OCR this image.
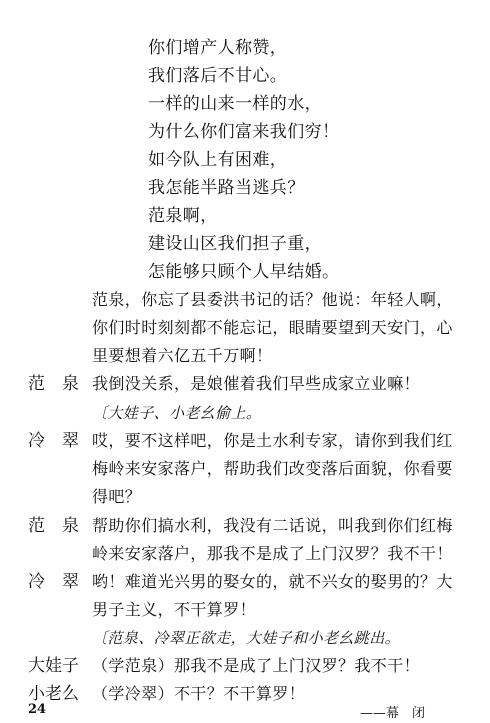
你们增产人称赞，
我们落后不甘心。
一样的山来一样的水，
为什么你们富来我们穷！
如今队上有困难，
我怎能半路当逃兵？
范泉啊，
建设山区我们担子重，
怎能够只顾个人早结婚。
范泉，你忘了县委洪书记的话？他说：年轻人啊，
你们时时刻刻都不能忘记，眼睛要望到天安门，心
里要想着六亿五千万啊！
范　泉 我倒没关系，是娘催着我们早些成家立业嘛！
〔大娃子、小老幺偷上。
冷　翠 哎，要不这样吧，你是土水利专家，请你到我们红
梅岭来安家落户，帮助我们改变落后面貌，你看要
得吧？
范　泉 帮助你们搞水利，我没有二话说，叫我到你们红梅
岭来安家落户，那我不是成了上门汉罗？我不干！
冷　翠 哟！难道光兴男的娶女的，就不兴女的娶男的？大
男子主义，不干算罗！
〔范泉、冷翠正欲走，大娃子和小老幺跳出。
大娃子 （学范泉）那我不是成了上门汉罗？我不干！
小老么 （学冷翠）不干？不干算罗！
——幕　闭
24
